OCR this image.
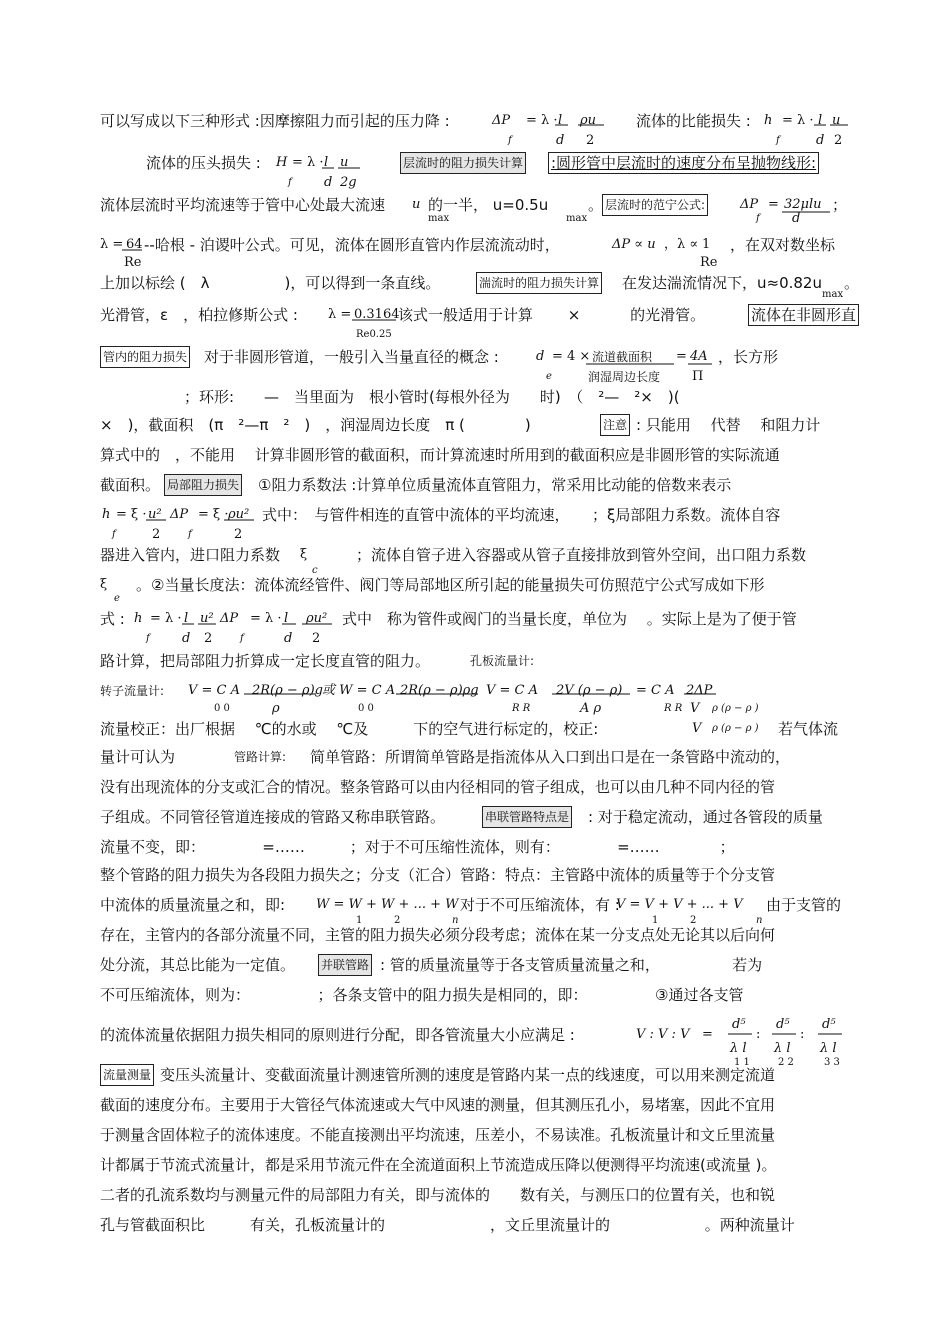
可以写成以下三种形式 :因摩擦阻力而引起的压力降 :	ΔP = λ · l ρu	流体的比能损失 : h = λ · l u
f	d 2	f	d 2
流体的压头损失 : H = λ · l u	层流时的阻力损失计算 :圆形管中层流时的速度分布呈抛物线形:
f d 2g
流体层流时平均流速等于管中心处最大流速 u 的一半， u=0.5u	。 层流时的范宁公式:	ΔP = 32μlu ；
max	max	f d
λ = 64 --哈根 - 泊谡叶公式。可见，流体在圆形直管内作层流流动时，	ΔP ∝ u ，λ ∝ 1 ，在双对数坐标
Re	Re
上加以标绘 (　λ　　　　　)，可以得到一条直线。	湍流时的阻力损失计算 在发达湍流情况下，u≈0.82u 。
max
光滑管，ε　，柏拉修斯公式 : λ = 0.3164
该式一般适用于计算　　 ×　　　 的光滑管。	流体在非圆形直
Re0.25
管内的阻力损失 对于非圆形管道，一般引入当量直径的概念 :	d = 4 × 流道截面积 = 4A ，长方形
e	润湿周边长度 Π
；环形:　　—　当里面为　根小管时(每根外径为　　时)　（　²—　²×　)(
×　)，截面积　(π　²—π　²　)　，润湿周边长度　π (　　　　)	注意 : 只能用　 代替　 和阻力计
算式中的　，不能用　 计算非圆形管的截面积，而计算流速时所用到的截面积应是非圆形管的实际流通
截面积。 局部阻力损失 ①阻力系数法 :计算单位质量流体直管阻力，常采用比动能的倍数来表示
h = ξ · u² ΔP = ξ · ρu² 式中：　与管件相连的直管中流体的平均流速，　　；ξ局部阻力系数。流体自容
f	2	f	2
器进入管内，进口阻力系数 ξ	；流体自管子进入容器或从管子直接排放到管外空间，出口阻力系数
c
ξ 。②当量长度法：流体流经管件、阀门等局部地区所引起的能量损失可仿照范宁公式写成如下形
e
式 : h = λ · l u² ΔP = λ · l ρu² 式中　称为管件或阀门的当量长度，单位为　 。实际上是为了便于管
f d 2	f	d 2
路计算，把局部阻力折算成一定长度直管的阻力。	孔板流量计:
转子流量计: V = C A 2R(ρ − ρ)g 或 W = C A 2R(ρ − ρ)ρg V = C A 2V (ρ − ρ) = C A 2ΔP
0 0	ρ	0 0	R R	A ρ	R R V ρ (ρ − ρ )
流量校正：出厂根据　 ℃的水或　 ℃及　　　下的空气进行标定的，校正:	V ρ (ρ − ρ ) 若气体流
量计可认为	管路计算: 简单管路：所谓简单管路是指流体从入口到出口是在一条管路中流动的，
没有出现流体的分支或汇合的情况。整条管路可以由内径相同的管子组成，也可以由几种不同内径的管
子组成。不同管径管道连接成的管路又称串联管路。	串联管路特点是 : 对于稳定流动，通过各管段的质量
流量不变，即：　　　　 =……　　　；对于不可压缩性流体，则有：　　　　 =……　　　　；
整个管路的阻力损失为各段阻力损失之；分支（汇合）管路：特点：主管路中流体的质量等于个分支管
中流体的质量流量之和，即: W = W + W + ... + W 对于不可压缩流体，有 :
V = V + V + ... + V 由于支管的
1	2	n	1	2	n
存在，主管内的各部分流量不同，主管的阻力损失必须分段考虑；流体在某一分支点处无论其以后向何
处分流，其总比能为一定值。 并联管路 : 管的质量流量等于各支管质量流量之和，　　　　　 若为
不可压缩流体，则为：　　　　　；各条支管中的阻力损失是相同的，即：　　　　　③通过各支管
d⁵ d⁵ d⁵
的流体流量依据阻力损失相同的原则进行分配，即各管流量大小应满足 :	V : V : V =	:	:
λ l λ l λ l
1 1	2 2	3 3
流量测量 变压头流量计、变截面流量计测速管所测的速度是管路内某一点的线速度，可以用来测定流道
截面的速度分布。主要用于大管径气体流速或大气中风速的测量，但其测压孔小，易堵塞，因此不宜用
于测量含固体粒子的流体速度。不能直接测出平均流速，压差小，不易读准。孔板流量计和文丘里流量
计都属于节流式流量计，都是采用节流元件在全流道面积上节流造成压降以便测得平均流速(或流量 )。
二者的孔流系数均与测量元件的局部阻力有关，即与流体的　　数有关，与测压口的位置有关，也和锐
孔与管截面积比　　　有关，孔板流量计的　　　　　　　，文丘里流量计的　　　　　　 。两种流量计
